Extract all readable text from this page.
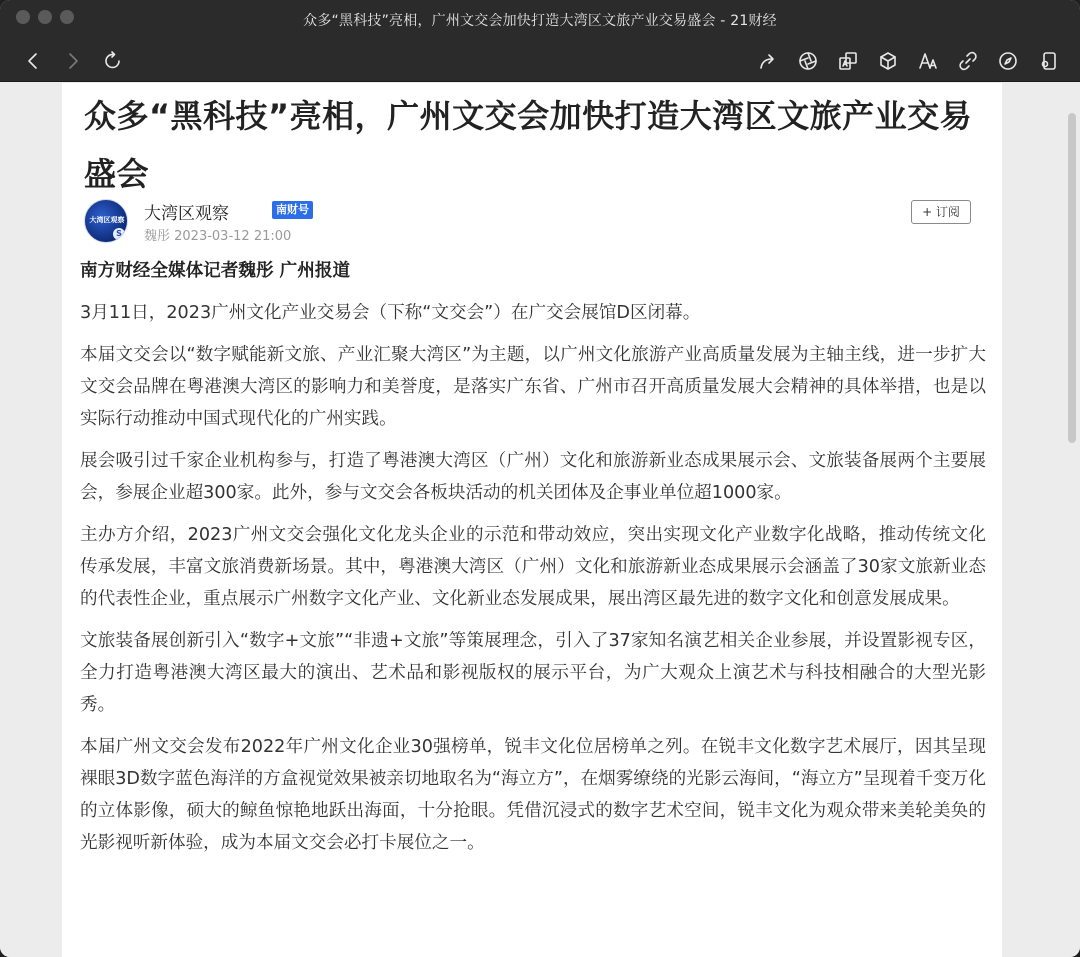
众多“黑科技”亮相，广州文交会加快打造大湾区文旅产业交易盛会 - 21财经
众多“黑科技”亮相，广州文交会加快打造大湾区文旅产业交易盛会
大湾区观察
S
大湾区观察	南财号
魏彤 2023-03-12 21:00
+ 订阅

南方财经全媒体记者魏彤 广州报道

3月11日，2023广州文化产业交易会（下称“文交会”）在广交会展馆D区闭幕。

本届文交会以“数字赋能新文旅、产业汇聚大湾区”为主题，以广州文化旅游产业高质量发展为主轴主线，进一步扩大文交会品牌在粤港澳大湾区的影响力和美誉度，是落实广东省、广州市召开高质量发展大会精神的具体举措，也是以实际行动推动中国式现代化的广州实践。

展会吸引过千家企业机构参与，打造了粤港澳大湾区（广州）文化和旅游新业态成果展示会、文旅装备展两个主要展会，参展企业超300家。此外，参与文交会各板块活动的机关团体及企事业单位超1000家。

主办方介绍，2023广州文交会强化文化龙头企业的示范和带动效应，突出实现文化产业数字化战略，推动传统文化传承发展，丰富文旅消费新场景。其中，粤港澳大湾区（广州）文化和旅游新业态成果展示会涵盖了30家文旅新业态的代表性企业，重点展示广州数字文化产业、文化新业态发展成果，展出湾区最先进的数字文化和创意发展成果。

文旅装备展创新引入“数字+文旅”“非遗+文旅”等策展理念，引入了37家知名演艺相关企业参展，并设置影视专区，全力打造粤港澳大湾区最大的演出、艺术品和影视版权的展示平台，为广大观众上演艺术与科技相融合的大型光影秀。

本届广州文交会发布2022年广州文化企业30强榜单，锐丰文化位居榜单之列。在锐丰文化数字艺术展厅，因其呈现裸眼3D数字蓝色海洋的方盒视觉效果被亲切地取名为“海立方”，在烟雾缭绕的光影云海间，“海立方”呈现着千变万化的立体影像，硕大的鲸鱼惊艳地跃出海面，十分抢眼。凭借沉浸式的数字艺术空间，锐丰文化为观众带来美轮美奂的光影视听新体验，成为本届文交会必打卡展位之一。
